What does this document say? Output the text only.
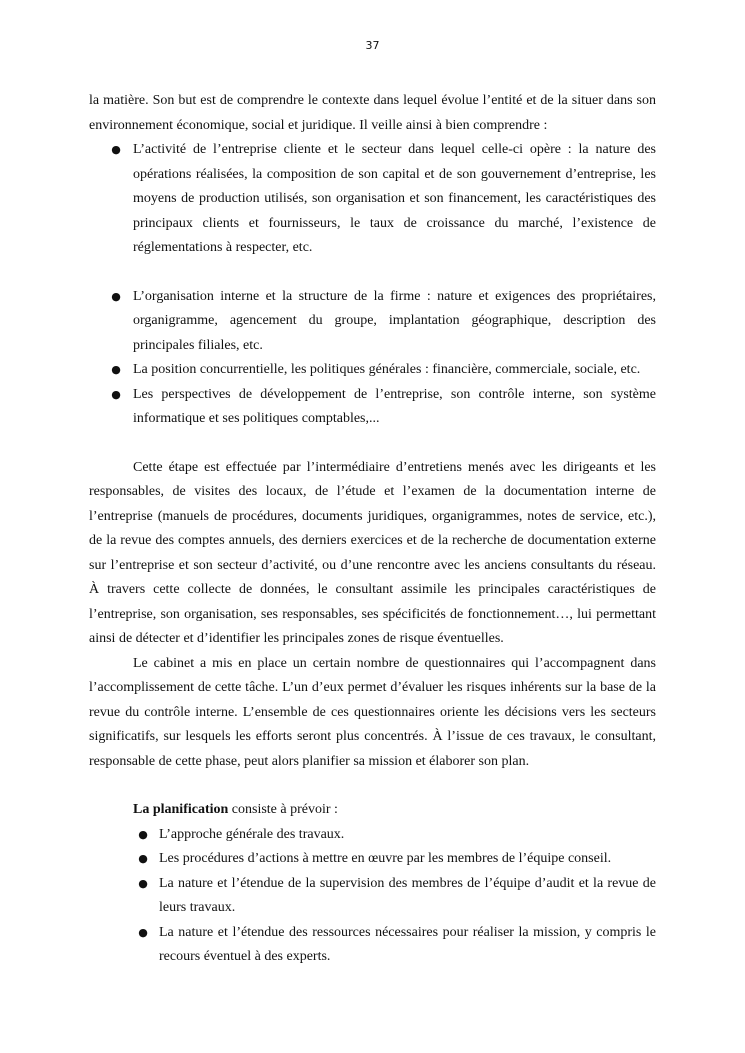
37

la matière. Son but est de comprendre le contexte dans lequel évolue l’entité et de la situer dans son environnement économique, social et juridique. Il veille ainsi à bien comprendre :

● L’activité de l’entreprise cliente et le secteur dans lequel celle-ci opère : la nature des opérations réalisées, la composition de son capital et de son gouvernement d’entreprise, les moyens de production utilisés, son organisation et son financement, les caractéristiques des principaux clients et fournisseurs, le taux de croissance du marché, l’existence de réglementations à respecter, etc.
● L’organisation interne et la structure de la firme : nature et exigences des propriétaires, organigramme, agencement du groupe, implantation géographique, description des principales filiales, etc.
● La position concurrentielle, les politiques générales : financière, commerciale, sociale, etc.
● Les perspectives de développement de l’entreprise, son contrôle interne, son système informatique et ses politiques comptables,...

Cette étape est effectuée par l’intermédiaire d’entretiens menés avec les dirigeants et les responsables, de visites des locaux, de l’étude et l’examen de la documentation interne de l’entreprise (manuels de procédures, documents juridiques, organigrammes, notes de service, etc.), de la revue des comptes annuels, des derniers exercices et de la recherche de documentation externe sur l’entreprise et son secteur d’activité, ou d’une rencontre avec les anciens consultants du réseau. À travers cette collecte de données, le consultant assimile les principales caractéristiques de l’entreprise, son organisation, ses responsables, ses spécificités de fonctionnement…, lui permettant ainsi de détecter et d’identifier les principales zones de risque éventuelles.

Le cabinet a mis en place un certain nombre de questionnaires qui l’accompagnent dans l’accomplissement de cette tâche. L’un d’eux permet d’évaluer les risques inhérents sur la base de la revue du contrôle interne. L’ensemble de ces questionnaires oriente les décisions vers les secteurs significatifs, sur lesquels les efforts seront plus concentrés. À l’issue de ces travaux, le consultant, responsable de cette phase, peut alors planifier sa mission et élaborer son plan.

La planification consiste à prévoir :

● L’approche générale des travaux.
● Les procédures d’actions à mettre en œuvre par les membres de l’équipe conseil.
● La nature et l’étendue de la supervision des membres de l’équipe d’audit et la revue de leurs travaux.
● La nature et l’étendue des ressources nécessaires pour réaliser la mission, y compris le recours éventuel à des experts.
